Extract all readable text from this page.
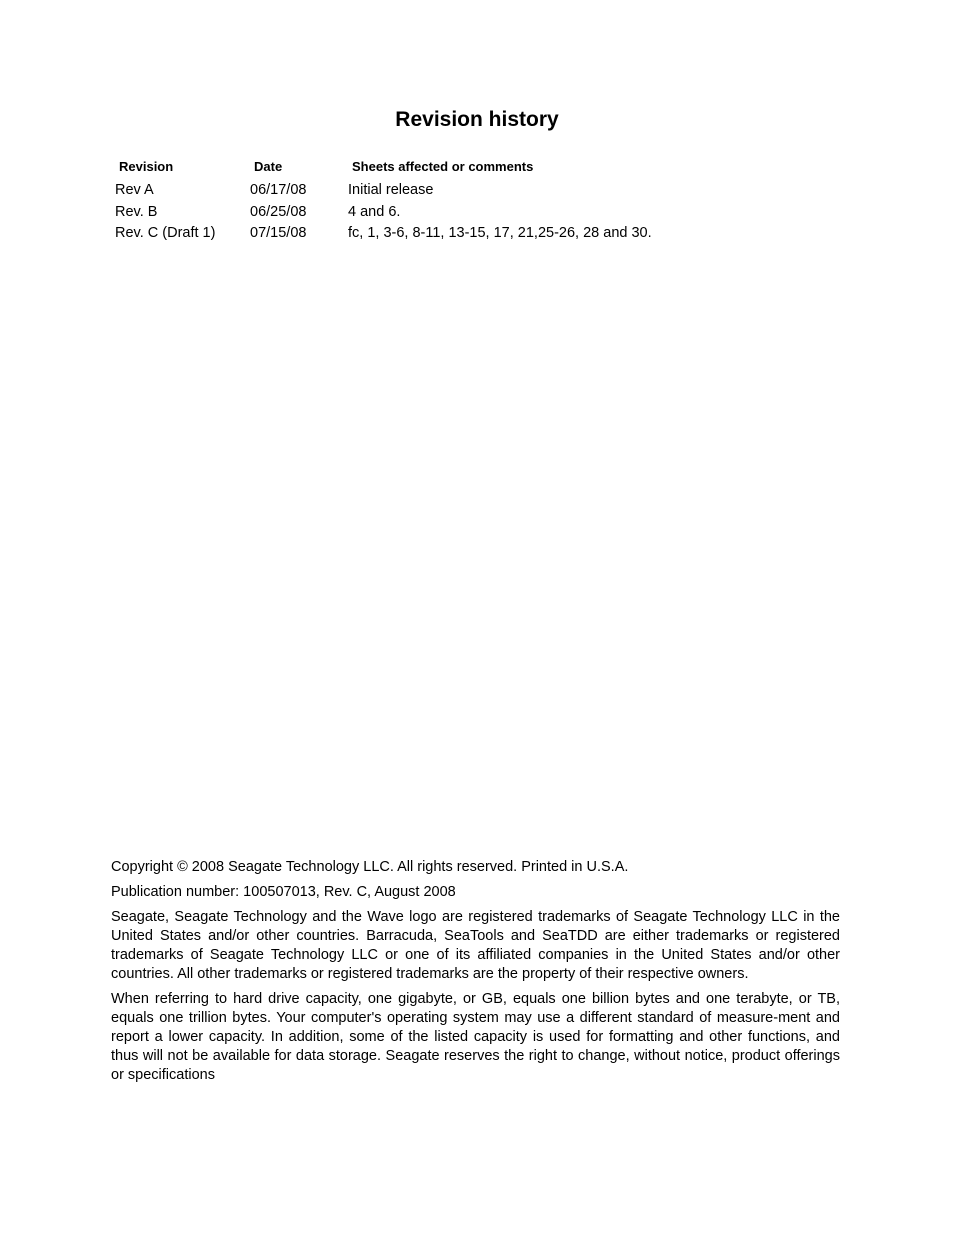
Revision history
Revision	Date	Sheets affected or comments
Rev A	06/17/08	Initial release
Rev. B	06/25/08	4 and 6.
Rev. C (Draft 1) 07/15/08	fc, 1, 3-6, 8-11, 13-15, 17, 21,25-26, 28 and 30.

Copyright © 2008 Seagate Technology LLC. All rights reserved. Printed in U.S.A.

Publication number: 100507013, Rev. C, August 2008

Seagate, Seagate Technology and the Wave logo are registered trademarks of Seagate Technology LLC in the United States and/or other countries. Barracuda, SeaTools and SeaTDD are either trademarks or registered trademarks of Seagate Technology LLC or one of its affiliated companies in the United States and/or other countries. All other trademarks or registered trademarks are the property of their respective owners.

When referring to hard drive capacity, one gigabyte, or GB, equals one billion bytes and one terabyte, or TB, equals one trillion bytes. Your computer's operating system may use a different standard of measure-ment and report a lower capacity. In addition, some of the listed capacity is used for formatting and other functions, and thus will not be available for data storage. Seagate reserves the right to change, without notice, product offerings or specifications
